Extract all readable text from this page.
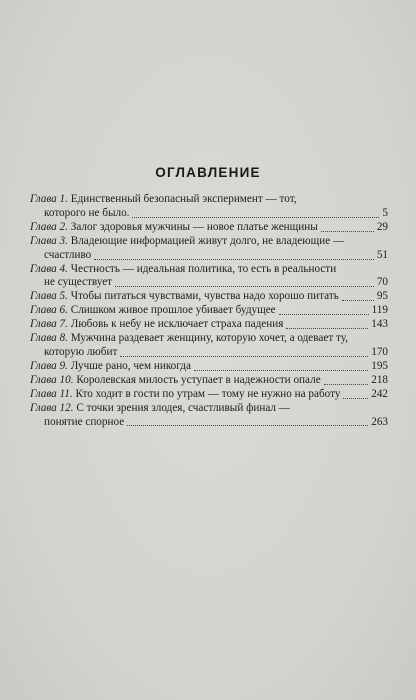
ОГЛАВЛЕНИЕ
Глава 1. Единственный безопасный эксперимент — тот,
которого не было.	5
Глава 2. Залог здоровья мужчины — новое платье женщины	29
Глава 3. Владеющие информацией живут долго, не владеющие —
счастливо	51
Глава 4. Честность — идеальная политика, то есть в реальности
не существует	70
Глава 5. Чтобы питаться чувствами, чувства надо хорошо питать	95
Глава 6. Слишком живое прошлое убивает будущее	119
Глава 7. Любовь к небу не исключает страха падения	143
Глава 8. Мужчина раздевает женщину, которую хочет, а одевает ту,
которую любит	170
Глава 9. Лучше рано, чем никогда	195
Глава 10. Королевская милость уступает в надежности опале	218
Глава 11. Кто ходит в гости по утрам — тому не нужно на работу	242
Глава 12. С точки зрения злодея, счастливый финал —
понятие спорное	263
